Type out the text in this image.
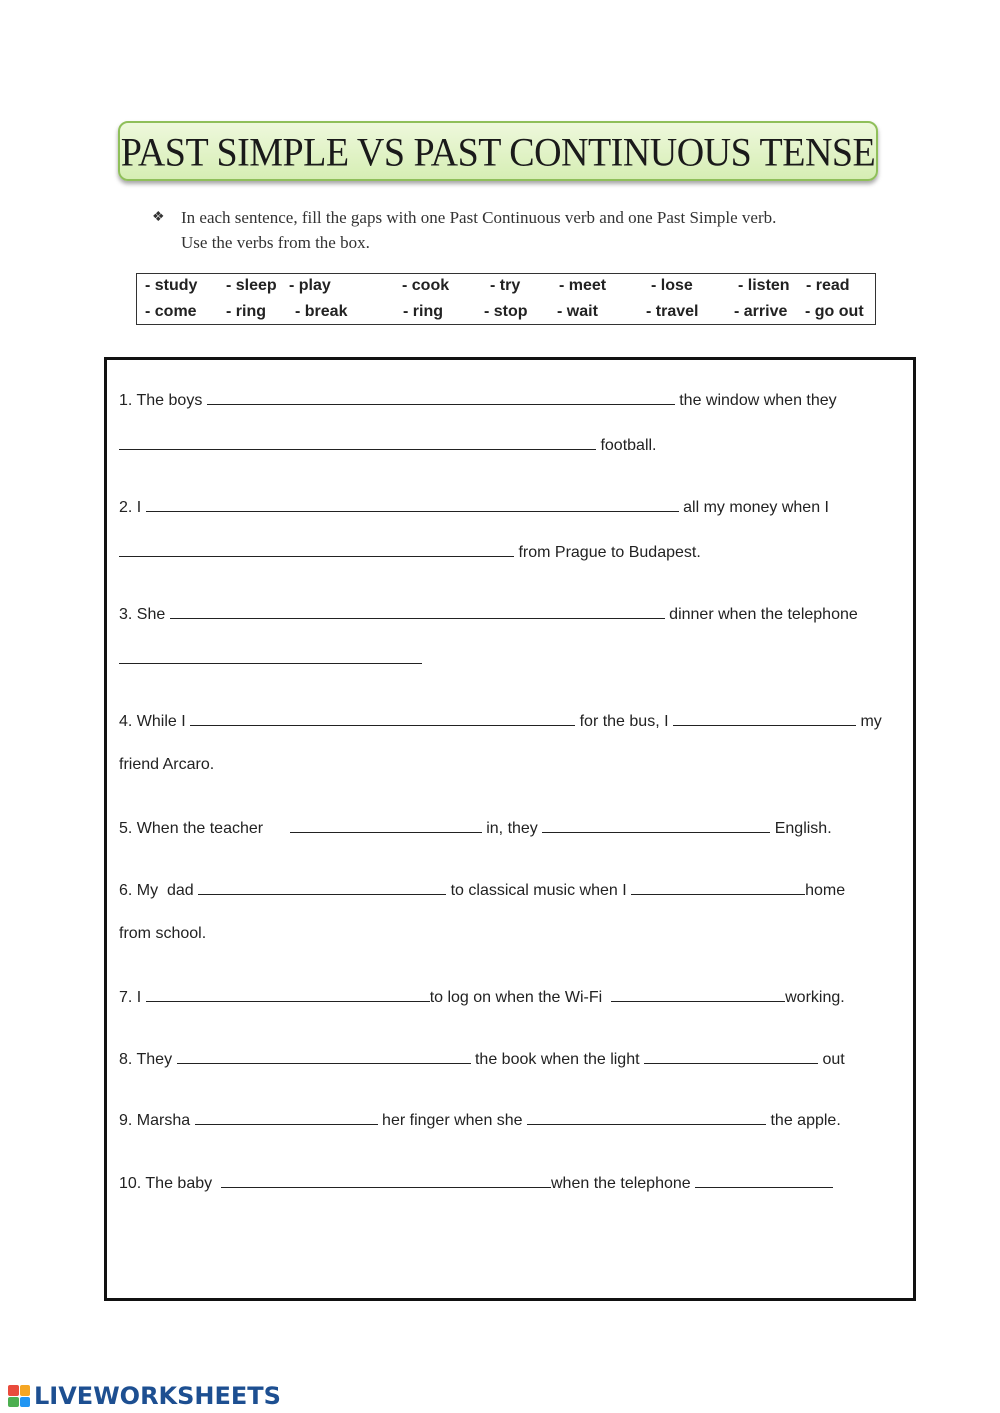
PAST SIMPLE VS PAST CONTINUOUS TENSE
❖ In each sentence, fill the gaps with one Past Continuous verb and one Past Simple verb.
Use the verbs from the box.
- study - sleep - play	- cook	- try - meet	- lose	- listen - read
- come - ring - break	- ring	- stop - wait	- travel - arrive - go out
1. The boys	the window when they
football.
2. I	all my money when I
from Prague to Budapest.
3. She	dinner when the telephone
4. While I	for the bus, I	my
friend Arcaro.
5. When the teacher	in, they	English.
6. My  dad	to classical music when I	home
from school.
7. I	to log on when the Wi-Fi	working.
8. They	the book when the light	out
9. Marsha	her finger when she	the apple.
10. The baby	when the telephone
LIVEWORKSHEETS
